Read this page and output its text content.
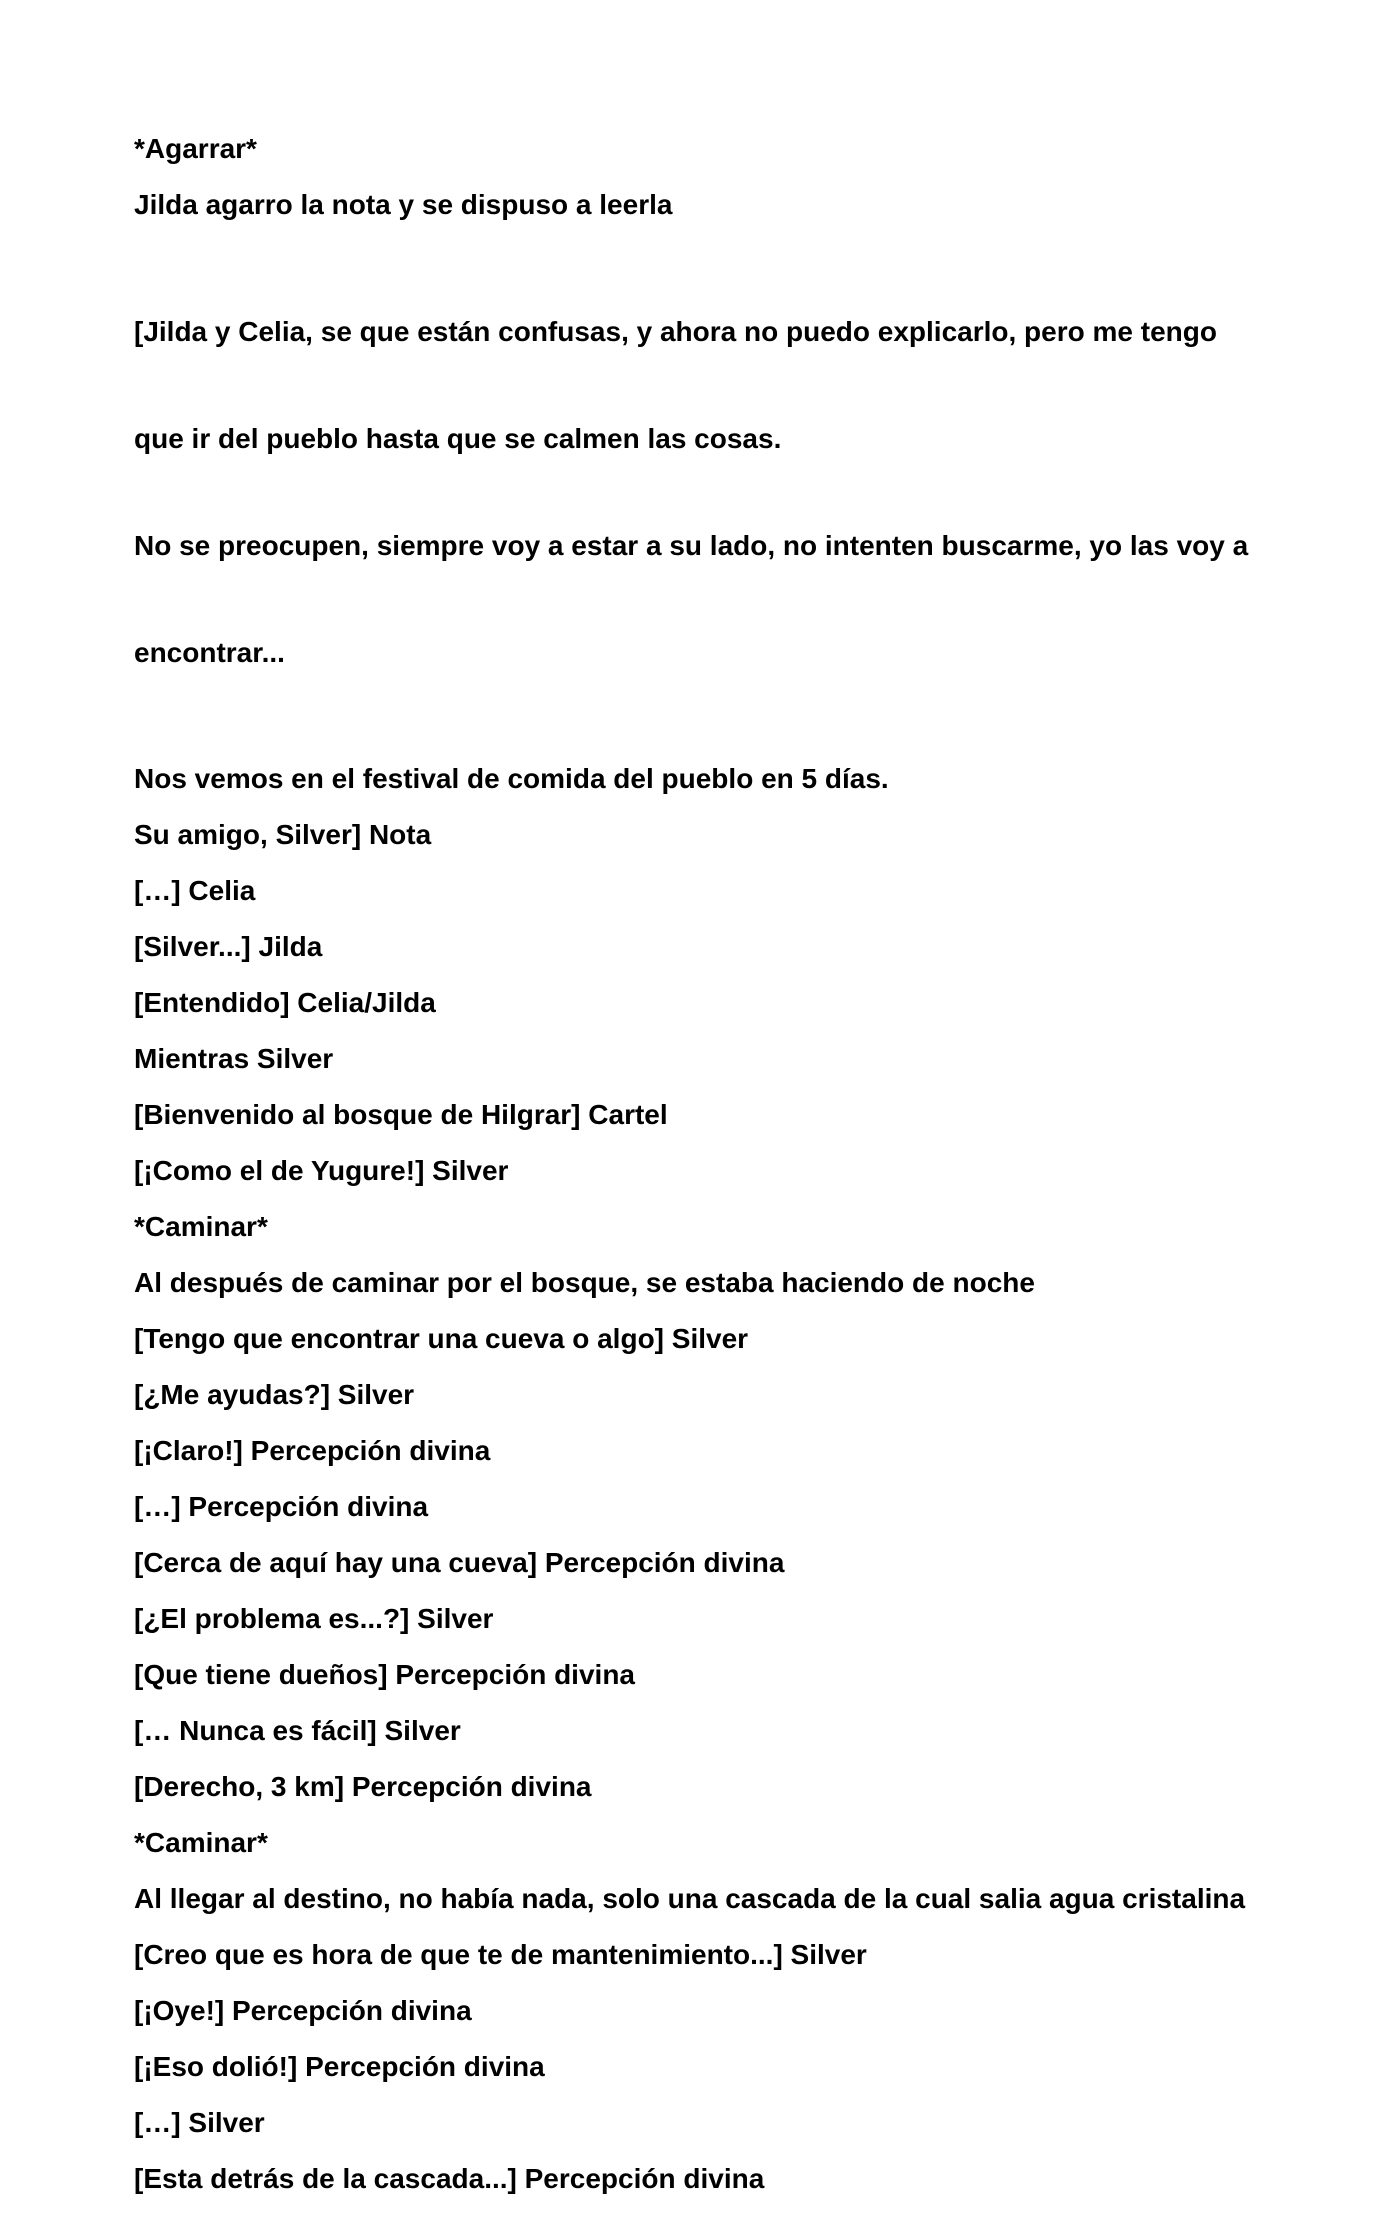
*Agarrar*

Jilda agarro la nota y se dispuso a leerla

[Jilda y Celia, se que están confusas, y ahora no puedo explicarlo, pero me tengo

que ir del pueblo hasta que se calmen las cosas.

No se preocupen, siempre voy a estar a su lado, no intenten buscarme, yo las voy a

encontrar...

Nos vemos en el festival de comida del pueblo en 5 días.

Su amigo, Silver] Nota

[…] Celia

[Silver...] Jilda

[Entendido] Celia/Jilda

Mientras Silver

[Bienvenido al bosque de Hilgrar] Cartel

[¡Como el de Yugure!] Silver

*Caminar*

Al después de caminar por el bosque, se estaba haciendo de noche

[Tengo que encontrar una cueva o algo] Silver

[¿Me ayudas?] Silver

[¡Claro!] Percepción divina

[…] Percepción divina

[Cerca de aquí hay una cueva] Percepción divina

[¿El problema es...?] Silver

[Que tiene dueños] Percepción divina

[… Nunca es fácil] Silver

[Derecho, 3 km] Percepción divina

*Caminar*

Al llegar al destino, no había nada, solo una cascada de la cual salia agua cristalina

[Creo que es hora de que te de mantenimiento...] Silver

[¡Oye!] Percepción divina

[¡Eso dolió!] Percepción divina

[…] Silver

[Esta detrás de la cascada...] Percepción divina
